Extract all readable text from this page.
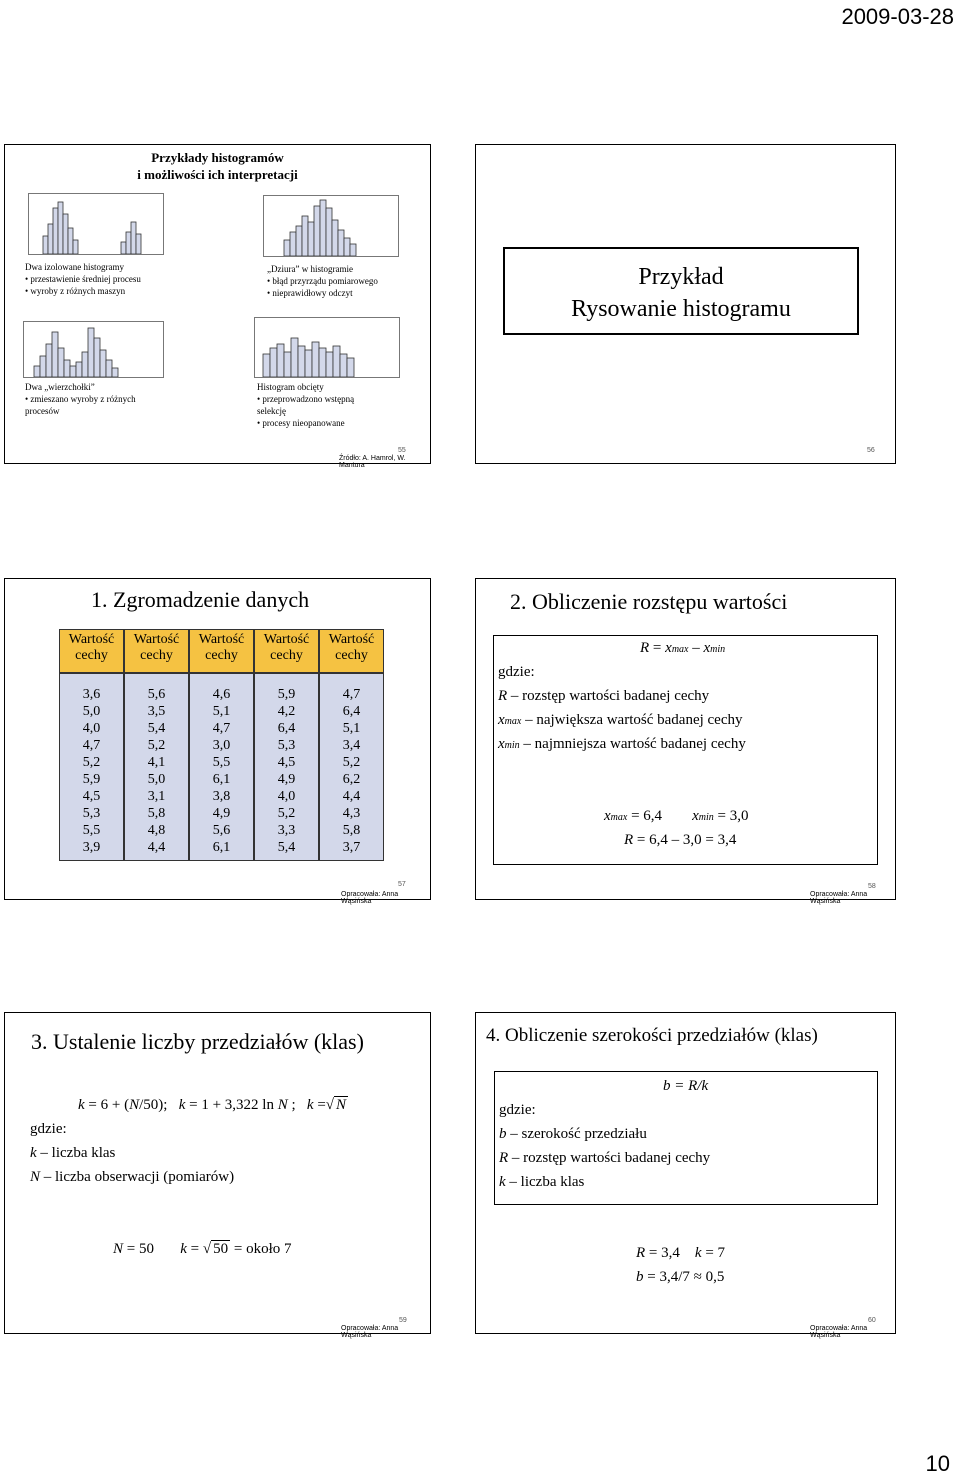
2009-03-28
Przykłady histogramów
i możliwości ich interpretacji
Dwa izolowane histogramy
• przestawienie średniej procesu
• wyroby z różnych maszyn
„Dziura” w histogramie
• błąd przyrządu pomiarowego
• nieprawidłowy odczyt
Dwa „wierzchołki”
• zmieszano wyroby z różnych
procesów
Histogram obcięty
• przeprowadzono wstępną
selekcję
• procesy nieopanowane
55
Źródło: A. Hamrol, W. Mantura
Przykład
Rysowanie histogramu
56
1. Zgromadzenie danych
Wartość
cechy
3,6
5,0
4,0
4,7
5,2
5,9
4,5
5,3
5,5
3,9
Wartość
cechy
5,6
3,5
5,4
5,2
4,1
5,0
3,1
5,8
4,8
4,4
Wartość
cechy
4,6
5,1
4,7
3,0
5,5
6,1
3,8
4,9
5,6
6,1
Wartość
cechy
5,9
4,2
6,4
5,3
4,5
4,9
4,0
5,2
3,3
5,4
Wartość
cechy
4,7
6,4
5,1
3,4
5,2
6,2
4,4
4,3
5,8
3,7
57
Opracowała: Anna Wąsińska
2. Obliczenie rozstępu wartości
R = xmax – xmin
gdzie:
R – rozstęp wartości badanej cechy
xmax – największa wartość badanej cechy
xmin – najmniejsza wartość badanej cechy
xmax = 6,4 xmin = 3,0
R = 6,4 – 3,0 = 3,4
58
Opracowała: Anna Wąsińska
3. Ustalenie liczby przedziałów (klas)
k = 6 + (N/50); k = 1 + 3,322 ln N ; k =√ N
gdzie:
k – liczba klas
N – liczba obserwacji (pomiarów)
N = 50 k = √ 50 = około 7
59
Opracowała: Anna Wąsińska
4. Obliczenie szerokości przedziałów (klas)
b = R/k
gdzie:
b – szerokość przedziału
R – rozstęp wartości badanej cechy
k – liczba klas
R = 3,4 k = 7
b = 3,4/7 ≈ 0,5
60
Opracowała: Anna Wąsińska
10
